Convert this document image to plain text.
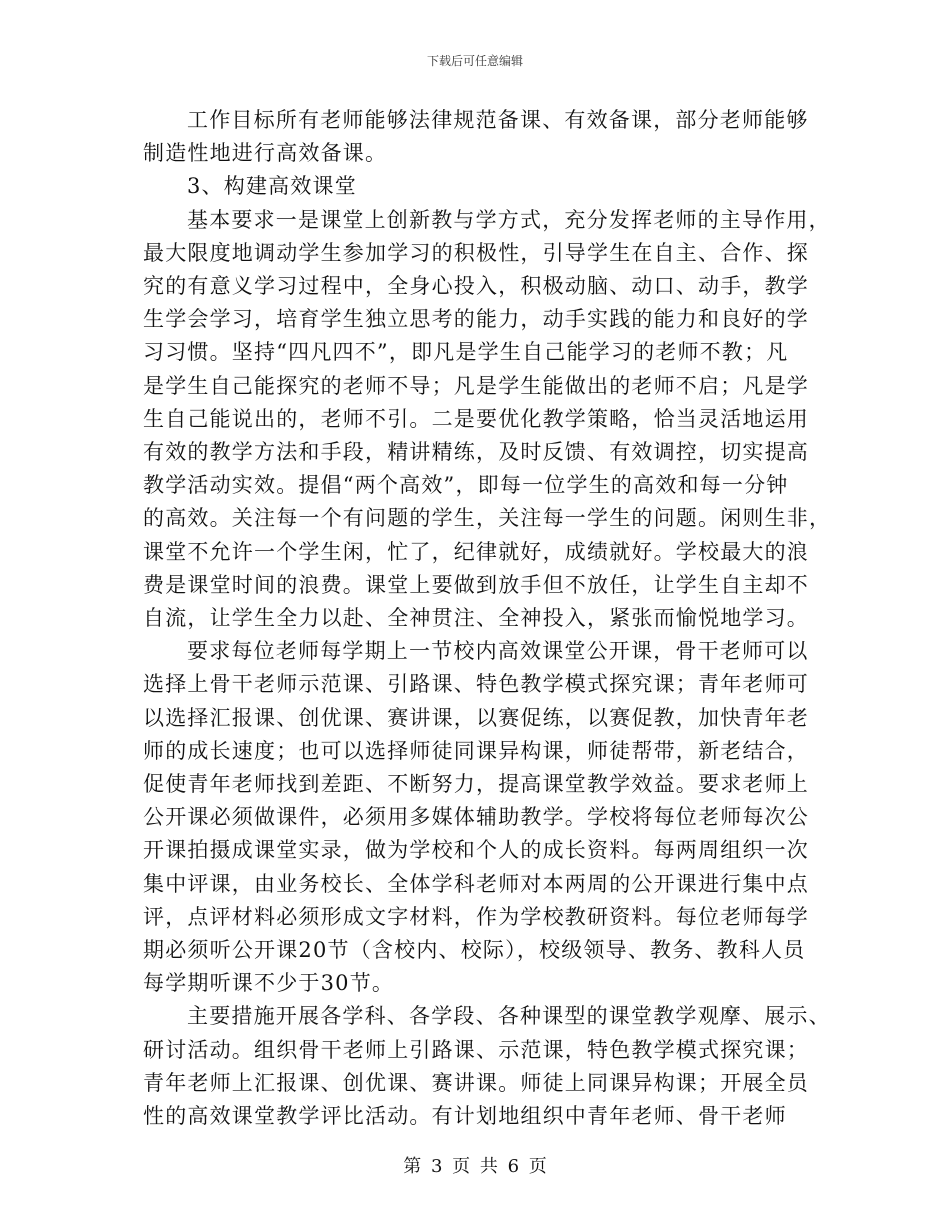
下载后可任意编辑

工作目标所有老师能够法律规范备课、有效备课，部分老师能够
制造性地进行高效备课。

3、构建高效课堂

基本要求一是课堂上创新教与学方式，充分发挥老师的主导作用，
最大限度地调动学生参加学习的积极性，引导学生在自主、合作、探
究的有意义学习过程中，全身心投入，积极动脑、动口、动手，教学
生学会学习，培育学生独立思考的能力，动手实践的能力和良好的学
习习惯。坚持“四凡四不”，即凡是学生自己能学习的老师不教；凡
是学生自己能探究的老师不导；凡是学生能做出的老师不启；凡是学
生自己能说出的，老师不引。二是要优化教学策略，恰当灵活地运用
有效的教学方法和手段，精讲精练，及时反馈、有效调控，切实提高
教学活动实效。提倡“两个高效”，即每一位学生的高效和每一分钟
的高效。关注每一个有问题的学生，关注每一学生的问题。闲则生非，
课堂不允许一个学生闲，忙了，纪律就好，成绩就好。学校最大的浪
费是课堂时间的浪费。课堂上要做到放手但不放任，让学生自主却不
自流，让学生全力以赴、全神贯注、全神投入，紧张而愉悦地学习。

要求每位老师每学期上一节校内高效课堂公开课，骨干老师可以
选择上骨干老师示范课、引路课、特色教学模式探究课；青年老师可
以选择汇报课、创优课、赛讲课，以赛促练，以赛促教，加快青年老
师的成长速度；也可以选择师徒同课异构课，师徒帮带，新老结合，
促使青年老师找到差距、不断努力，提高课堂教学效益。要求老师上
公开课必须做课件，必须用多媒体辅助教学。学校将每位老师每次公
开课拍摄成课堂实录，做为学校和个人的成长资料。每两周组织一次
集中评课，由业务校长、全体学科老师对本两周的公开课进行集中点
评，点评材料必须形成文字材料，作为学校教研资料。每位老师每学
期必须听公开课20节（含校内、校际），校级领导、教务、教科人员
每学期听课不少于30节。

主要措施开展各学科、各学段、各种课型的课堂教学观摩、展示、
研讨活动。组织骨干老师上引路课、示范课，特色教学模式探究课；
青年老师上汇报课、创优课、赛讲课。师徒上同课异构课；开展全员
性的高效课堂教学评比活动。有计划地组织中青年老师、骨干老师

第 3 页 共 6 页
